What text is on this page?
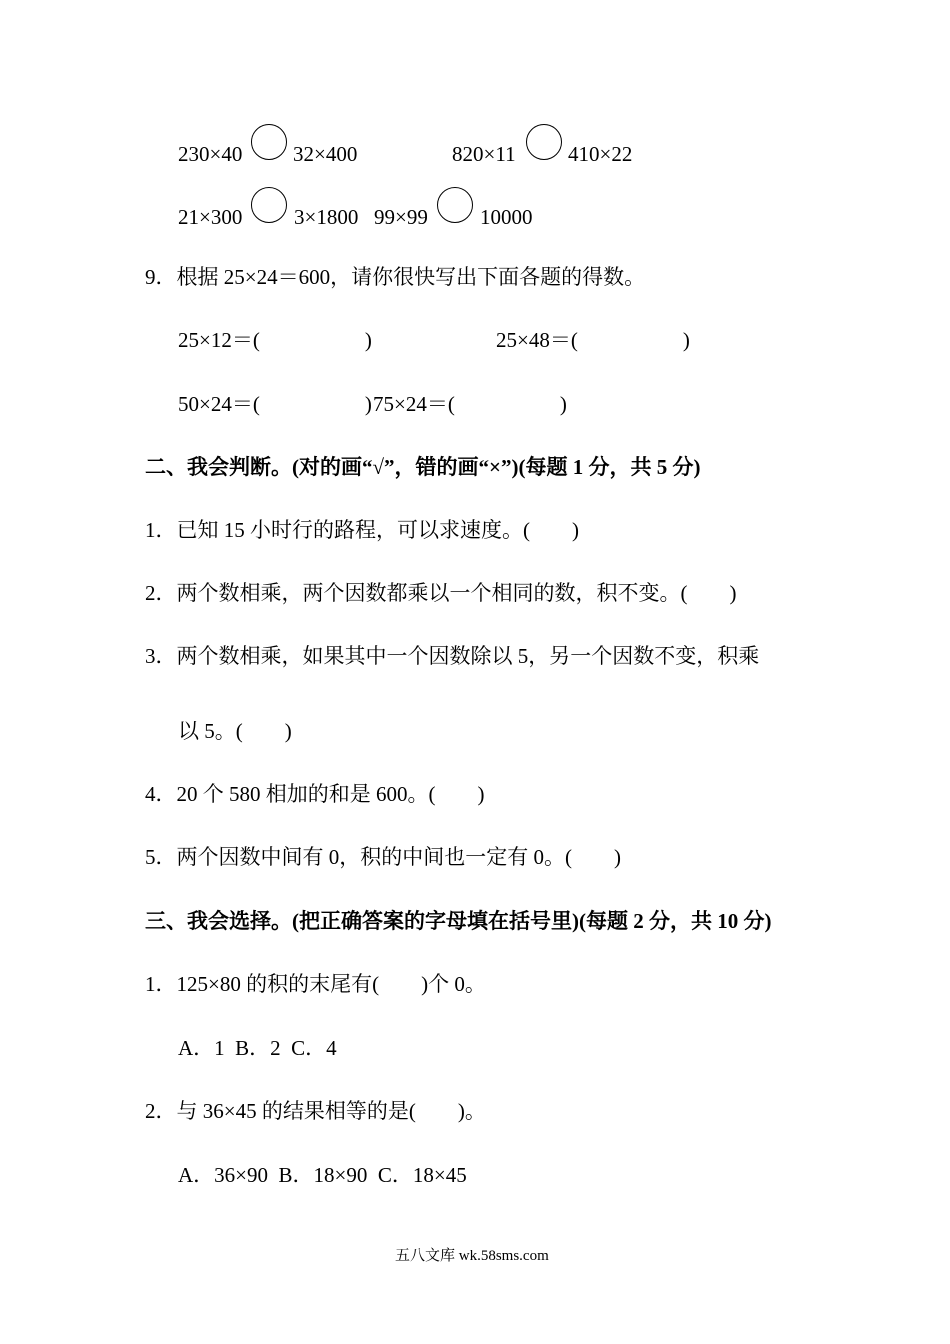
230×40 32×400	820×11 410×22
21×300 3×1800 99×99 10000
9．根据 25×24＝600，请你很快写出下面各题的得数。
25×12＝(　　　　　)	25×48＝(　　　　　)
50×24＝(　　　　　) 75×24＝(　　　　　)
二、我会判断。(对的画“√”，错的画“×”)(每题 1 分，共 5 分)
1．已知 15 小时行的路程，可以求速度。(　　)
2．两个数相乘，两个因数都乘以一个相同的数，积不变。(　　)
3．两个数相乘，如果其中一个因数除以 5，另一个因数不变，积乘
以 5。(　　)
4．20 个 580 相加的和是 600。(　　)
5．两个因数中间有 0，积的中间也一定有 0。(　　)
三、我会选择。(把正确答案的字母填在括号里)(每题 2 分，共 10 分)
1．125×80 的积的末尾有(　　)个 0。
A．1  B．2  C．4
2．与 36×45 的结果相等的是(　　)。
A．36×90  B．18×90  C．18×45
五八文库 wk.58sms.com
